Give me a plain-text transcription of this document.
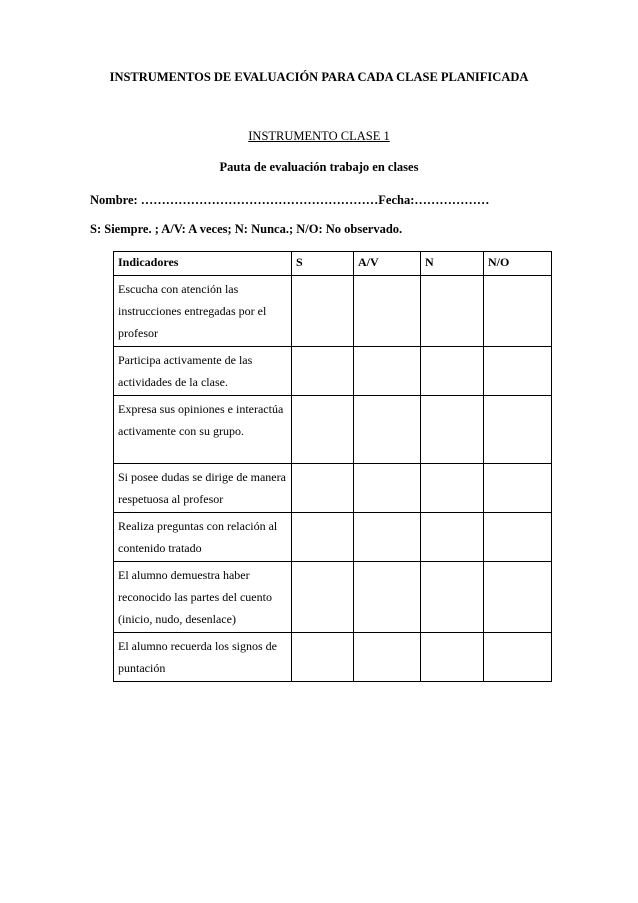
INSTRUMENTOS DE EVALUACIÓN PARA CADA CLASE PLANIFICADA
INSTRUMENTO CLASE 1
Pauta de evaluación trabajo en clases
Nombre: …………………………………………………Fecha:………………
S: Siempre. ; A/V: A veces; N: Nunca.; N/O: No observado.
Indicadores	S	A/V	N	N/O
Escucha con atención las instrucciones entregadas por el profesor				
Participa activamente de las actividades de la clase.				
Expresa sus opiniones e interactúa activamente con su grupo.				
Si posee dudas se dirige de manera respetuosa al profesor				
Realiza preguntas con relación al contenido tratado				
El alumno demuestra haber reconocido las partes del cuento (inicio, nudo, desenlace)				
El alumno recuerda los signos de puntación				
